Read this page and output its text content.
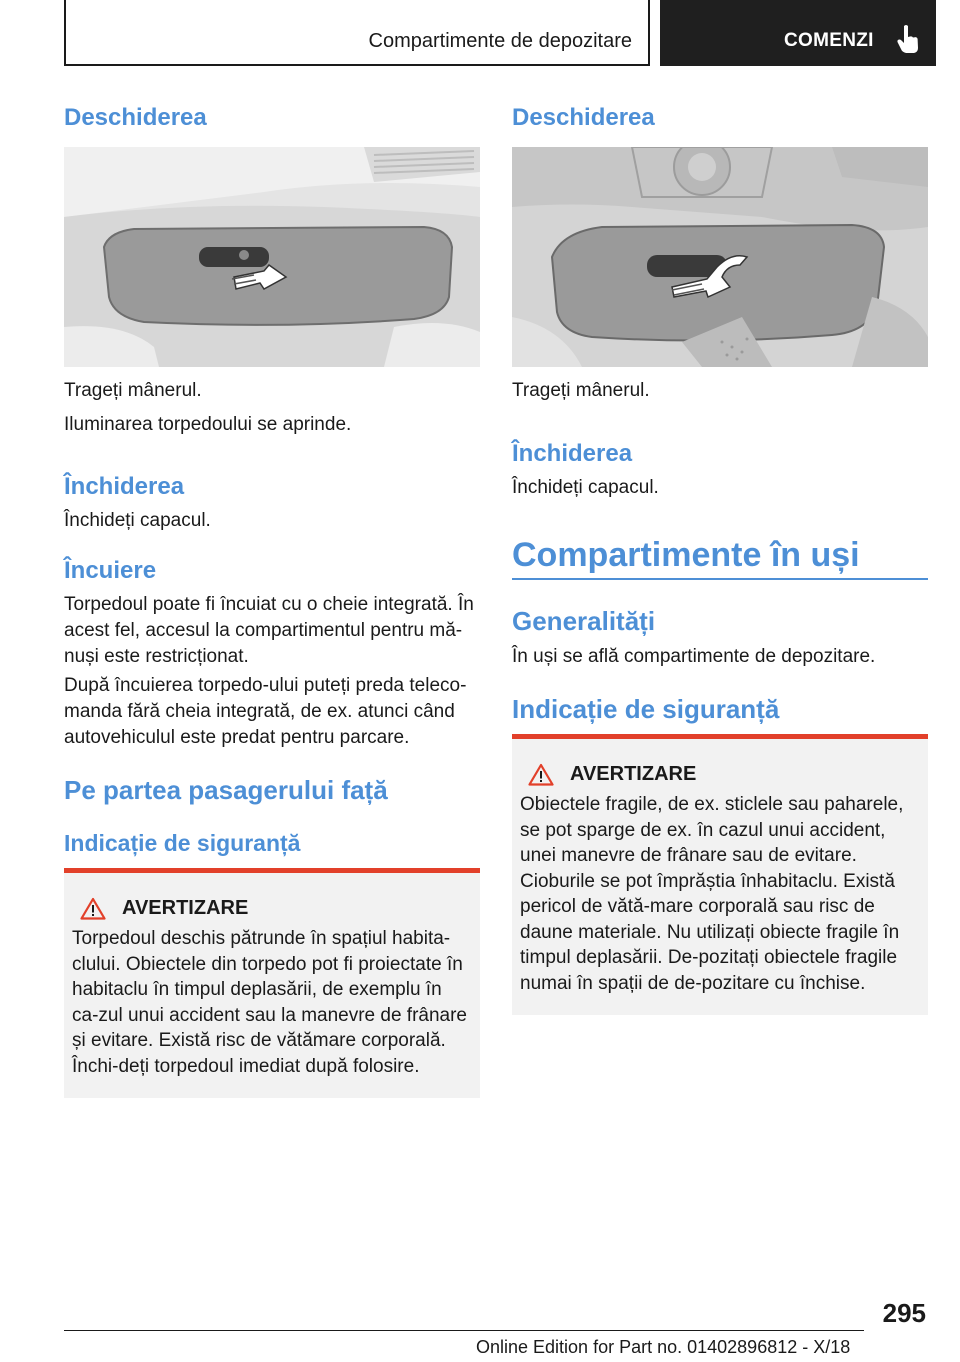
Compartimente de depozitare	COMENZI
Deschiderea
Trageți mânerul.
Iluminarea torpedoului se aprinde.
Închiderea
Închideți capacul.
Încuiere
Torpedoul poate fi încuiat cu o cheie integrată. În acest fel, accesul la compartimentul pentru mă‐nuși este restricționat.
După încuierea torpedo-ului puteți preda teleco‐manda fără cheia integrată, de ex. atunci când autovehiculul este predat pentru parcare.
Pe partea pasagerului față
Indicație de siguranță
AVERTIZARE
Torpedoul deschis pătrunde în spațiul habita‐clului. Obiectele din torpedo pot fi proiectate în habitaclu în timpul deplasării, de exemplu în ca‐zul unui accident sau la manevre de frânare și evitare. Există risc de vătămare corporală. Închi‐deți torpedoul imediat după folosire.
Deschiderea
Trageți mânerul.
Închiderea
Închideți capacul.
Compartimente în uși
Generalități
În uși se află compartimente de depozitare.
Indicație de siguranță
AVERTIZARE
Obiectele fragile, de ex. sticlele sau paharele, se pot sparge de ex. în cazul unui accident, unei manevre de frânare sau de evitare. Cioburile se pot împrăștia înhabitaclu. Există pericol de vătă‐mare corporală sau risc de daune materiale. Nu utilizați obiecte fragile în timpul deplasării. De‐pozitați obiectele fragile numai în spații de de‐pozitare cu închise.
295
Online Edition for Part no. 01402896812 - X/18
